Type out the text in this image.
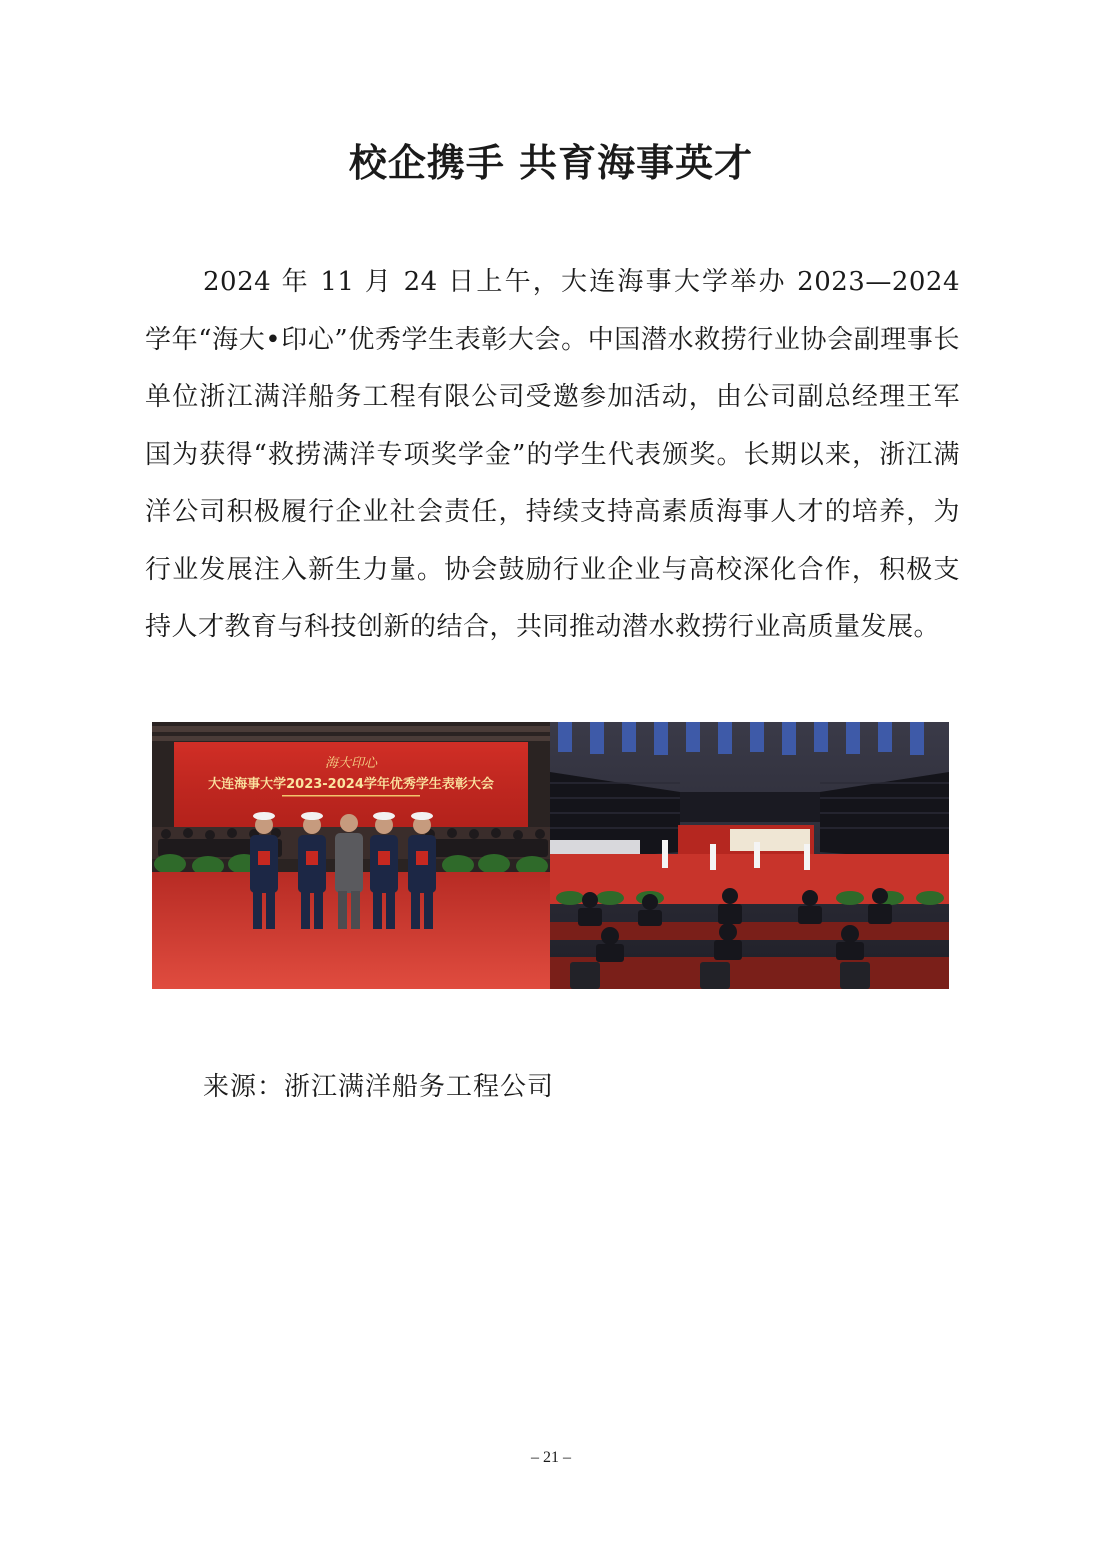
校企携手 共育海事英才

2024 年 11 月 24 日上午，大连海事大学举办 2023—2024 学年“海大•印心”优秀学生表彰大会。中国潜水救捞行业协会副理事长单位浙江满洋船务工程有限公司受邀参加活动，由公司副总经理王军国为获得“救捞满洋专项奖学金”的学生代表颁奖。长期以来，浙江满洋公司积极履行企业社会责任，持续支持高素质海事人才的培养，为行业发展注入新生力量。协会鼓励行业企业与高校深化合作，积极支持人才教育与科技创新的结合，共同推动潜水救捞行业高质量发展。

海大印心
大连海事大学2023-2024学年优秀学生表彰大会

来源：浙江满洋船务工程公司

– 21 –
